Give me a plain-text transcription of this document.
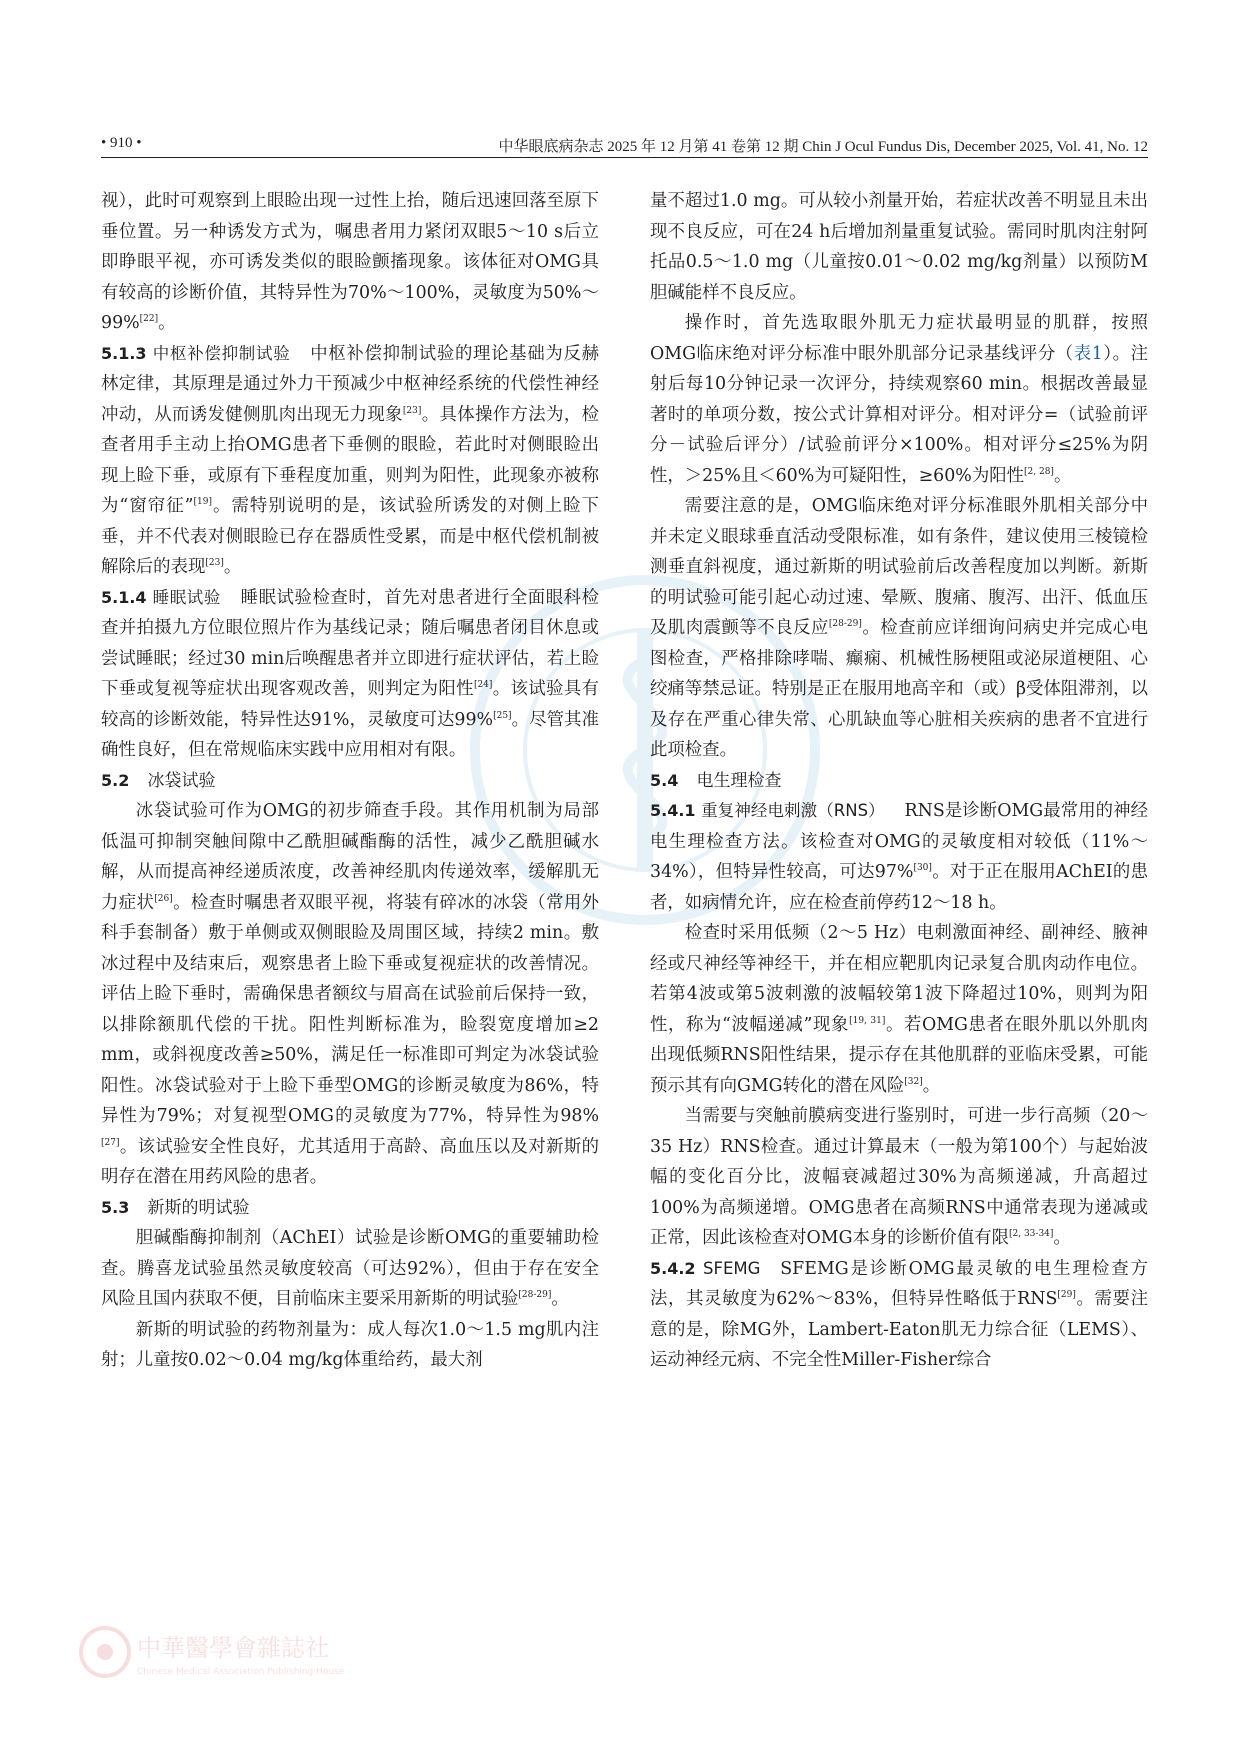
• 910 •	中华眼底病杂志 2025 年 12 月第 41 卷第 12 期 Chin J Ocul Fundus Dis, December 2025, Vol. 41, No. 12

视），此时可观察到上眼睑出现一过性上抬，随后迅速回落至原下垂位置。另一种诱发方式为，嘱患者用力紧闭双眼5～10 s后立即睁眼平视，亦可诱发类似的眼睑颤搐现象。该体征对OMG具有较高的诊断价值，其特异性为70%～100%，灵敏度为50%～99%[22]。

5.1.3 中枢补偿抑制试验 中枢补偿抑制试验的理论基础为反赫林定律，其原理是通过外力干预减少中枢神经系统的代偿性神经冲动，从而诱发健侧肌肉出现无力现象[23]。具体操作方法为，检查者用手主动上抬OMG患者下垂侧的眼睑，若此时对侧眼睑出现上睑下垂，或原有下垂程度加重，则判为阳性，此现象亦被称为“窗帘征”[19]。需特别说明的是，该试验所诱发的对侧上睑下垂，并不代表对侧眼睑已存在器质性受累，而是中枢代偿机制被解除后的表现[23]。

5.1.4 睡眠试验 睡眠试验检查时，首先对患者进行全面眼科检查并拍摄九方位眼位照片作为基线记录；随后嘱患者闭目休息或尝试睡眠；经过30 min后唤醒患者并立即进行症状评估，若上睑下垂或复视等症状出现客观改善，则判定为阳性[24]。该试验具有较高的诊断效能，特异性达91%，灵敏度可达99%[25]。尽管其准确性良好，但在常规临床实践中应用相对有限。

5.2 冰袋试验

冰袋试验可作为OMG的初步筛查手段。其作用机制为局部低温可抑制突触间隙中乙酰胆碱酯酶的活性，减少乙酰胆碱水解，从而提高神经递质浓度，改善神经肌肉传递效率，缓解肌无力症状[26]。检查时嘱患者双眼平视，将装有碎冰的冰袋（常用外科手套制备）敷于单侧或双侧眼睑及周围区域，持续2 min。敷冰过程中及结束后，观察患者上睑下垂或复视症状的改善情况。评估上睑下垂时，需确保患者额纹与眉高在试验前后保持一致，以排除额肌代偿的干扰。阳性判断标准为，睑裂宽度增加≥2 mm，或斜视度改善≥50%，满足任一标准即可判定为冰袋试验阳性。冰袋试验对于上睑下垂型OMG的诊断灵敏度为86%，特异性为79%；对复视型OMG的灵敏度为77%，特异性为98%[27]。该试验安全性良好，尤其适用于高龄、高血压以及对新斯的明存在潜在用药风险的患者。

5.3 新斯的明试验

胆碱酯酶抑制剂（AChEI）试验是诊断OMG的重要辅助检查。腾喜龙试验虽然灵敏度较高（可达92%），但由于存在安全风险且国内获取不便，目前临床主要采用新斯的明试验[28-29]。

新斯的明试验的药物剂量为：成人每次1.0～1.5 mg肌内注射；儿童按0.02～0.04 mg/kg体重给药，最大剂

量不超过1.0 mg。可从较小剂量开始，若症状改善不明显且未出现不良反应，可在24 h后增加剂量重复试验。需同时肌肉注射阿托品0.5～1.0 mg（儿童按0.01～0.02 mg/kg剂量）以预防M胆碱能样不良反应。

操作时，首先选取眼外肌无力症状最明显的肌群，按照OMG临床绝对评分标准中眼外肌部分记录基线评分（表1）。注射后每10分钟记录一次评分，持续观察60 min。根据改善最显著时的单项分数，按公式计算相对评分。相对评分=（试验前评分－试验后评分）/试验前评分×100%。相对评分≤25%为阴性，＞25%且＜60%为可疑阳性，≥60%为阳性[2, 28]。

需要注意的是，OMG临床绝对评分标准眼外肌相关部分中并未定义眼球垂直活动受限标准，如有条件，建议使用三棱镜检测垂直斜视度，通过新斯的明试验前后改善程度加以判断。新斯的明试验可能引起心动过速、晕厥、腹痛、腹泻、出汗、低血压及肌肉震颤等不良反应[28-29]。检查前应详细询问病史并完成心电图检查，严格排除哮喘、癫痫、机械性肠梗阻或泌尿道梗阻、心绞痛等禁忌证。特别是正在服用地高辛和（或）β受体阻滞剂，以及存在严重心律失常、心肌缺血等心脏相关疾病的患者不宜进行此项检查。

5.4 电生理检查

5.4.1 重复神经电刺激（RNS） RNS是诊断OMG最常用的神经电生理检查方法。该检查对OMG的灵敏度相对较低（11%～34%），但特异性较高，可达97%[30]。对于正在服用AChEI的患者，如病情允许，应在检查前停药12～18 h。

检查时采用低频（2～5 Hz）电刺激面神经、副神经、腋神经或尺神经等神经干，并在相应靶肌肉记录复合肌肉动作电位。若第4波或第5波刺激的波幅较第1波下降超过10%，则判为阳性，称为“波幅递减”现象[19, 31]。若OMG患者在眼外肌以外肌肉出现低频RNS阳性结果，提示存在其他肌群的亚临床受累，可能预示其有向GMG转化的潜在风险[32]。

当需要与突触前膜病变进行鉴别时，可进一步行高频（20～35 Hz）RNS检查。通过计算最末（一般为第100个）与起始波幅的变化百分比，波幅衰减超过30%为高频递减，升高超过100%为高频递增。OMG患者在高频RNS中通常表现为递减或正常，因此该检查对OMG本身的诊断价值有限[2, 33-34]。

5.4.2 SFEMG SFEMG是诊断OMG最灵敏的电生理检查方法，其灵敏度为62%～83%，但特异性略低于RNS[29]。需要注意的是，除MG外，Lambert-Eaton肌无力综合征（LEMS）、运动神经元病、不完全性Miller-Fisher综合

中華醫學會雜誌社
Chinese Medical Association Publishing House
